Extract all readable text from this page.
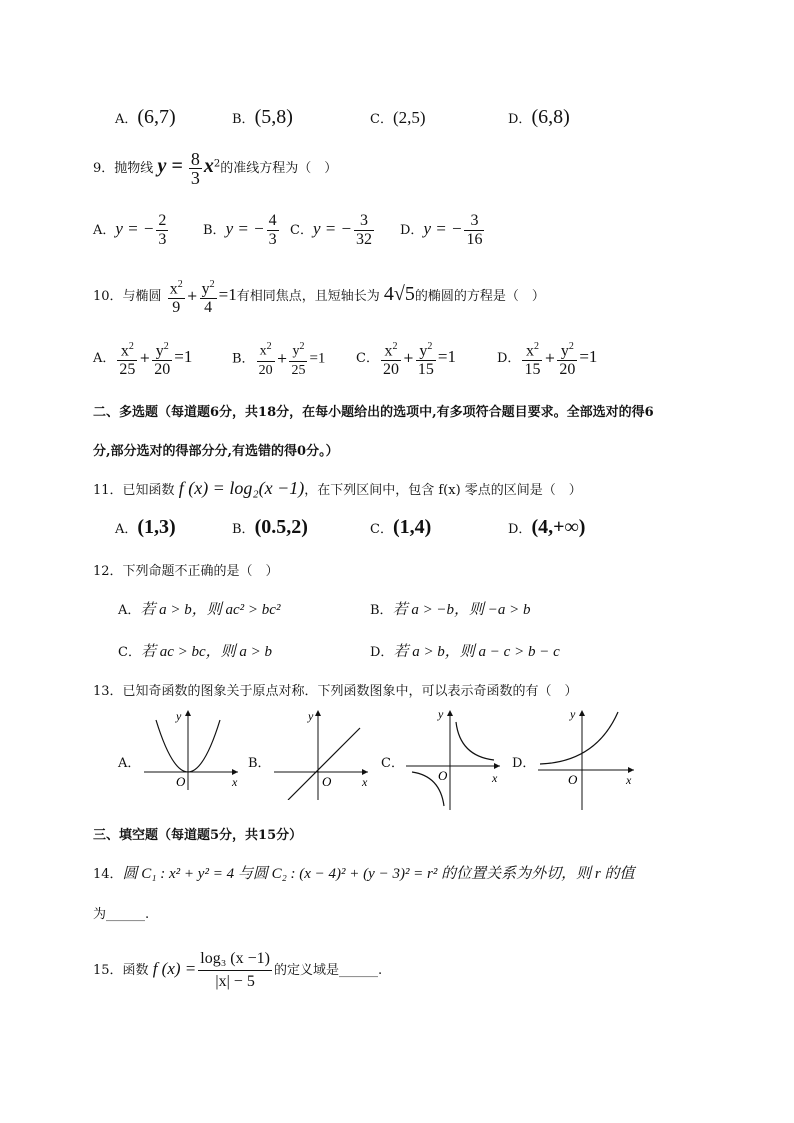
A．(6,7)	B．(5,8)	C．(2,5)	D．(6,8)
9．抛物线 $y = \frac{8}{3} x^2$的准线方程为（　）
A．y = − $\frac{2}{3}$	B．y = − $\frac{4}{3}$ C．y = − $\frac{3}{32}$ D．y = − $\frac{3}{16}$
10．与椭圆 $\frac{x^2}{9} + \frac{y^2}{4} =1$有相同焦点，且短轴长为 4√5的椭圆的方程是（　）
A． $\frac{x^2}{25} + \frac{y^2}{20} =1$	B． $\frac{x^2}{20} + \frac{y^2}{25} =1$ C． $\frac{x^2}{20} + \frac{y^2}{15} =1$	D． $\frac{x^2}{15} + \frac{y^2}{20} =1$
二、多选题（每道题6分，共18分，在每小题给出的选项中,有多项符合题目要求。全部选对的得6
分,部分选对的得部分分,有选错的得0分。）
11．已知函数 f (x) = log₂(x −1)，在下列区间中，包含 f(x) 零点的区间是（　）
A．(1,3)	B．(0.5,2)	C．(1,4)	D．(4,+∞)
12．下列命题不正确的是（　）
A．若 a > b，则 ac² > bc²	B．若 a > −b，则 −a > b
C．若 ac > bc，则 a > b	D．若 a > b，则 a − c > b − c
13．已知奇函数的图象关于原点对称．下列函数图象中，可以表示奇函数的有（　）
A．	B．	C．	D．
O	x
y
O	x
y
O	x
y
O	x
y
三、填空题（每道题5分，共15分）
14．圆 C₁ : x² + y² = 4 与圆 C₂ : (x − 4)² + (y − 3)² = r² 的位置关系为外切，则 r 的值
为______.
15．函数 f $(x) = \frac{\text{log₃ (x −1)}}{|x| - 5}$ 的定义域是______.
